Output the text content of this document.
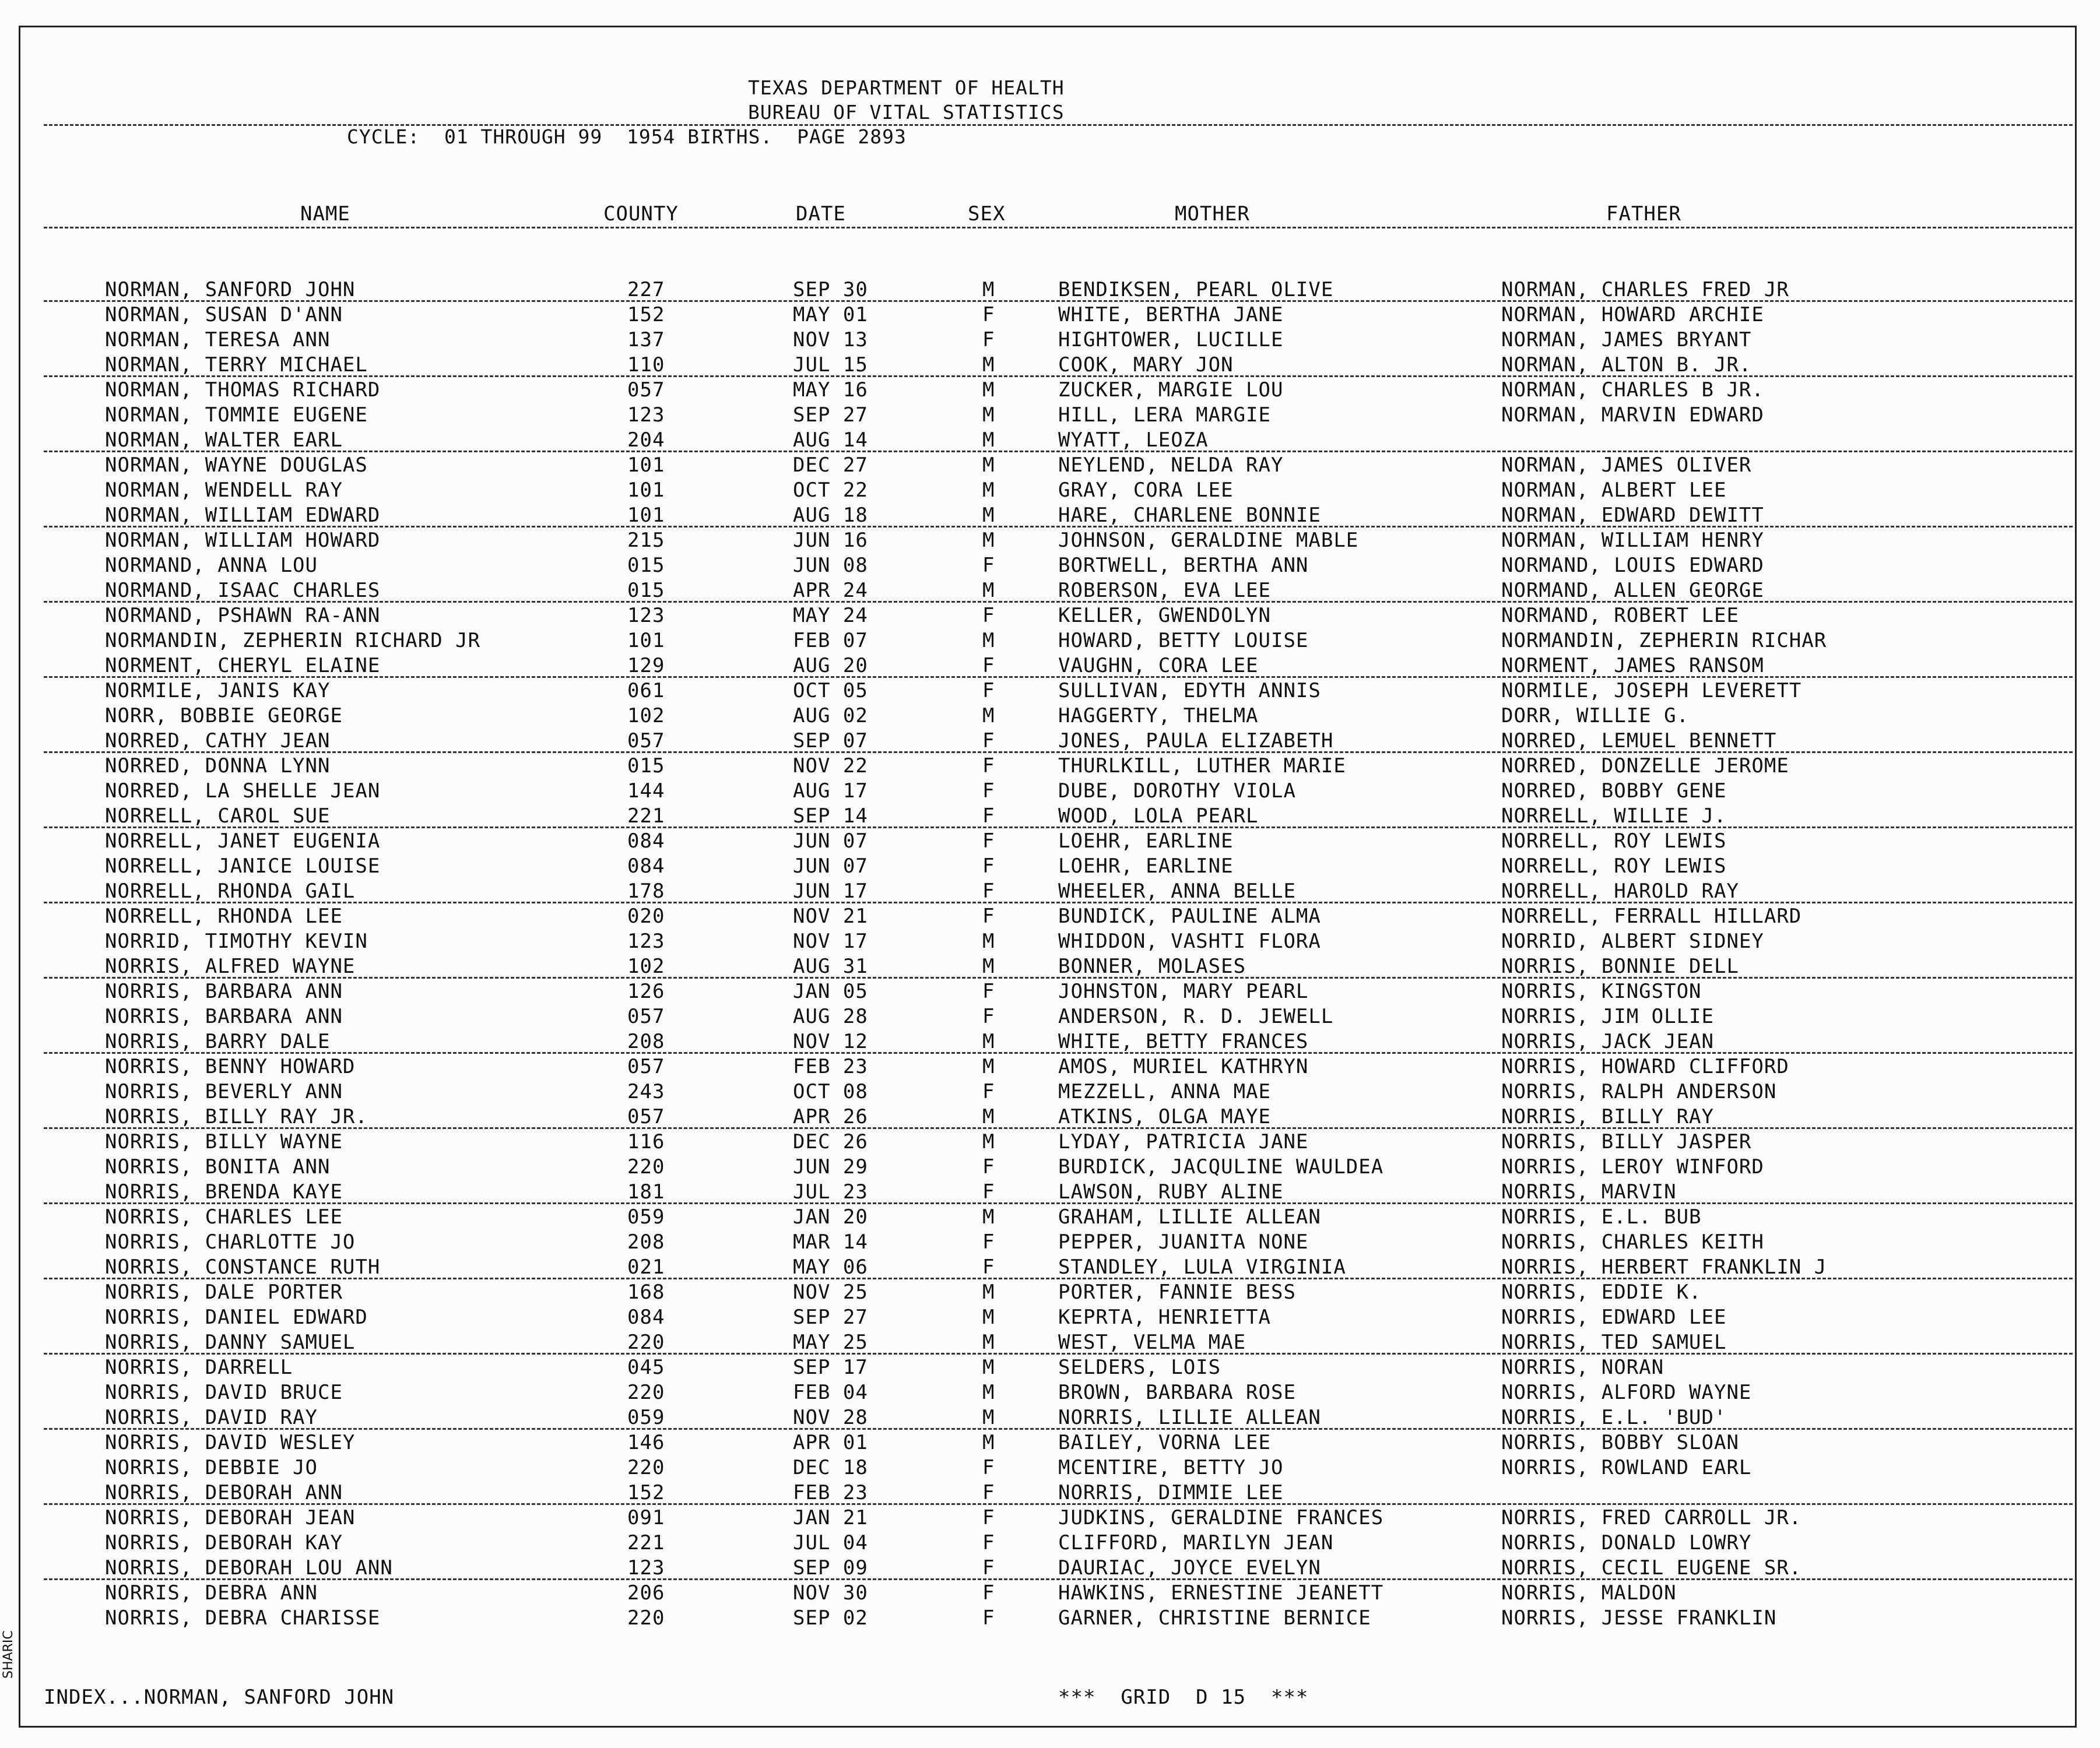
TEXAS DEPARTMENT OF HEALTH
BUREAU OF VITAL STATISTICS
CYCLE:  01 THROUGH 99  1954 BIRTHS.  PAGE 2893
NAME	COUNTY	DATE	SEX	MOTHER	FATHER
NORMAN, SANFORD JOHN	227	SEP 30	M	BENDIKSEN, PEARL OLIVE	NORMAN, CHARLES FRED JR
NORMAN, SUSAN D'ANN	152	MAY 01	F	WHITE, BERTHA JANE	NORMAN, HOWARD ARCHIE
NORMAN, TERESA ANN	137	NOV 13	F	HIGHTOWER, LUCILLE	NORMAN, JAMES BRYANT
NORMAN, TERRY MICHAEL	110	JUL 15	M	COOK, MARY JON	NORMAN, ALTON B. JR.
NORMAN, THOMAS RICHARD	057	MAY 16	M	ZUCKER, MARGIE LOU	NORMAN, CHARLES B JR.
NORMAN, TOMMIE EUGENE	123	SEP 27	M	HILL, LERA MARGIE	NORMAN, MARVIN EDWARD
NORMAN, WALTER EARL	204	AUG 14	M	WYATT, LEOZA
NORMAN, WAYNE DOUGLAS	101	DEC 27	M	NEYLEND, NELDA RAY	NORMAN, JAMES OLIVER
NORMAN, WENDELL RAY	101	OCT 22	M	GRAY, CORA LEE	NORMAN, ALBERT LEE
NORMAN, WILLIAM EDWARD	101	AUG 18	M	HARE, CHARLENE BONNIE	NORMAN, EDWARD DEWITT
NORMAN, WILLIAM HOWARD	215	JUN 16	M	JOHNSON, GERALDINE MABLE	NORMAN, WILLIAM HENRY
NORMAND, ANNA LOU	015	JUN 08	F	BORTWELL, BERTHA ANN	NORMAND, LOUIS EDWARD
NORMAND, ISAAC CHARLES	015	APR 24	M	ROBERSON, EVA LEE	NORMAND, ALLEN GEORGE
NORMAND, PSHAWN RA-ANN	123	MAY 24	F	KELLER, GWENDOLYN	NORMAND, ROBERT LEE
NORMANDIN, ZEPHERIN RICHARD JR	101	FEB 07	M	HOWARD, BETTY LOUISE	NORMANDIN, ZEPHERIN RICHAR
NORMENT, CHERYL ELAINE	129	AUG 20	F	VAUGHN, CORA LEE	NORMENT, JAMES RANSOM
NORMILE, JANIS KAY	061	OCT 05	F	SULLIVAN, EDYTH ANNIS	NORMILE, JOSEPH LEVERETT
NORR, BOBBIE GEORGE	102	AUG 02	M	HAGGERTY, THELMA	DORR, WILLIE G.
NORRED, CATHY JEAN	057	SEP 07	F	JONES, PAULA ELIZABETH	NORRED, LEMUEL BENNETT
NORRED, DONNA LYNN	015	NOV 22	F	THURLKILL, LUTHER MARIE	NORRED, DONZELLE JEROME
NORRED, LA SHELLE JEAN	144	AUG 17	F	DUBE, DOROTHY VIOLA	NORRED, BOBBY GENE
NORRELL, CAROL SUE	221	SEP 14	F	WOOD, LOLA PEARL	NORRELL, WILLIE J.
NORRELL, JANET EUGENIA	084	JUN 07	F	LOEHR, EARLINE	NORRELL, ROY LEWIS
NORRELL, JANICE LOUISE	084	JUN 07	F	LOEHR, EARLINE	NORRELL, ROY LEWIS
NORRELL, RHONDA GAIL	178	JUN 17	F	WHEELER, ANNA BELLE	NORRELL, HAROLD RAY
NORRELL, RHONDA LEE	020	NOV 21	F	BUNDICK, PAULINE ALMA	NORRELL, FERRALL HILLARD
NORRID, TIMOTHY KEVIN	123	NOV 17	M	WHIDDON, VASHTI FLORA	NORRID, ALBERT SIDNEY
NORRIS, ALFRED WAYNE	102	AUG 31	M	BONNER, MOLASES	NORRIS, BONNIE DELL
NORRIS, BARBARA ANN	126	JAN 05	F	JOHNSTON, MARY PEARL	NORRIS, KINGSTON
NORRIS, BARBARA ANN	057	AUG 28	F	ANDERSON, R. D. JEWELL	NORRIS, JIM OLLIE
NORRIS, BARRY DALE	208	NOV 12	M	WHITE, BETTY FRANCES	NORRIS, JACK JEAN
NORRIS, BENNY HOWARD	057	FEB 23	M	AMOS, MURIEL KATHRYN	NORRIS, HOWARD CLIFFORD
NORRIS, BEVERLY ANN	243	OCT 08	F	MEZZELL, ANNA MAE	NORRIS, RALPH ANDERSON
NORRIS, BILLY RAY JR.	057	APR 26	M	ATKINS, OLGA MAYE	NORRIS, BILLY RAY
NORRIS, BILLY WAYNE	116	DEC 26	M	LYDAY, PATRICIA JANE	NORRIS, BILLY JASPER
NORRIS, BONITA ANN	220	JUN 29	F	BURDICK, JACQULINE WAULDEA	NORRIS, LEROY WINFORD
NORRIS, BRENDA KAYE	181	JUL 23	F	LAWSON, RUBY ALINE	NORRIS, MARVIN
NORRIS, CHARLES LEE	059	JAN 20	M	GRAHAM, LILLIE ALLEAN	NORRIS, E.L. BUB
NORRIS, CHARLOTTE JO	208	MAR 14	F	PEPPER, JUANITA NONE	NORRIS, CHARLES KEITH
NORRIS, CONSTANCE RUTH	021	MAY 06	F	STANDLEY, LULA VIRGINIA	NORRIS, HERBERT FRANKLIN J
NORRIS, DALE PORTER	168	NOV 25	M	PORTER, FANNIE BESS	NORRIS, EDDIE K.
NORRIS, DANIEL EDWARD	084	SEP 27	M	KEPRTA, HENRIETTA	NORRIS, EDWARD LEE
NORRIS, DANNY SAMUEL	220	MAY 25	M	WEST, VELMA MAE	NORRIS, TED SAMUEL
NORRIS, DARRELL	045	SEP 17	M	SELDERS, LOIS	NORRIS, NORAN
NORRIS, DAVID BRUCE	220	FEB 04	M	BROWN, BARBARA ROSE	NORRIS, ALFORD WAYNE
NORRIS, DAVID RAY	059	NOV 28	M	NORRIS, LILLIE ALLEAN	NORRIS, E.L. 'BUD'
NORRIS, DAVID WESLEY	146	APR 01	M	BAILEY, VORNA LEE	NORRIS, BOBBY SLOAN
NORRIS, DEBBIE JO	220	DEC 18	F	MCENTIRE, BETTY JO	NORRIS, ROWLAND EARL
NORRIS, DEBORAH ANN	152	FEB 23	F	NORRIS, DIMMIE LEE
NORRIS, DEBORAH JEAN	091	JAN 21	F	JUDKINS, GERALDINE FRANCES	NORRIS, FRED CARROLL JR.
NORRIS, DEBORAH KAY	221	JUL 04	F	CLIFFORD, MARILYN JEAN	NORRIS, DONALD LOWRY
NORRIS, DEBORAH LOU ANN	123	SEP 09	F	DAURIAC, JOYCE EVELYN	NORRIS, CECIL EUGENE SR.
NORRIS, DEBRA ANN	206	NOV 30	F	HAWKINS, ERNESTINE JEANETT	NORRIS, MALDON
NORRIS, DEBRA CHARISSE	220	SEP 02	F	GARNER, CHRISTINE BERNICE	NORRIS, JESSE FRANKLIN
INDEX...NORMAN, SANFORD JOHN	***  GRID  D 15  ***
SHARIC
